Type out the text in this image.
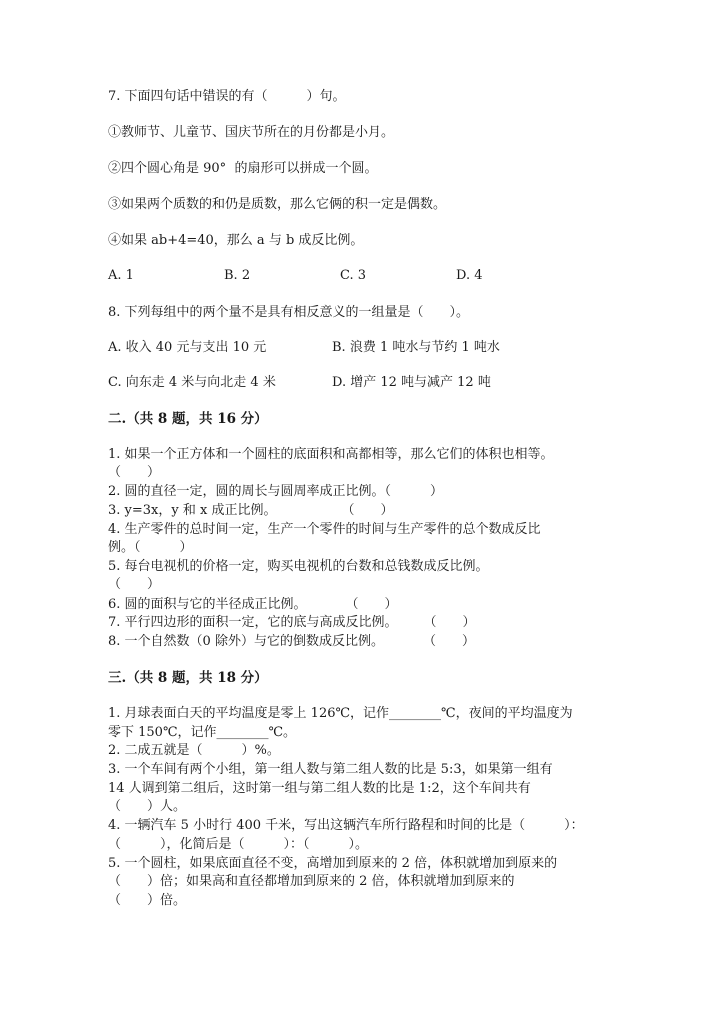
7. 下面四句话中错误的有（　　　）句。
①教师节、儿童节、国庆节所在的月份都是小月。
②四个圆心角是 90°  的扇形可以拼成一个圆。
③如果两个质数的和仍是质数，那么它俩的积一定是偶数。
④如果 ab+4=40，那么 a 与 b 成反比例。
A. 1	B. 2	C. 3	D. 4
8. 下列每组中的两个量不是具有相反意义的一组量是（　　）。
A. 收入 40 元与支出 10 元	B. 浪费 1 吨水与节约 1 吨水
C. 向东走 4 米与向北走 4 米	D. 增产 12 吨与减产 12 吨
二.（共 8 题，共 16 分）
1. 如果一个正方体和一个圆柱的底面积和高都相等，那么它们的体积也相等。
（　　）
2. 圆的直径一定，圆的周长与圆周率成正比例。（　　　）
3. y=3x，y 和 x 成正比例。　　　　　　（　　）
4. 生产零件的总时间一定，生产一个零件的时间与生产零件的总个数成反比
例。（　　　）
5. 每台电视机的价格一定，购买电视机的台数和总钱数成反比例。
（　　）
6. 圆的面积与它的半径成正比例。　　　　（　　）
7. 平行四边形的面积一定，它的底与高成反比例。　　　（　　）
8. 一个自然数（0 除外）与它的倒数成反比例。　　　　（　　）
三.（共 8 题，共 18 分）
1. 月球表面白天的平均温度是零上 126℃，记作________℃，夜间的平均温度为
零下 150℃，记作________℃。
2. 二成五就是（　　　）%。
3. 一个车间有两个小组，第一组人数与第二组人数的比是 5:3，如果第一组有
14 人调到第二组后，这时第一组与第二组人数的比是 1:2，这个车间共有
（　　）人。
4. 一辆汽车 5 小时行 400 千米，写出这辆汽车所行路程和时间的比是（　　　）：
（　　　），化简后是（　　　）：（　　　）。
5. 一个圆柱，如果底面直径不变，高增加到原来的 2 倍，体积就增加到原来的
（　　）倍；如果高和直径都增加到原来的 2 倍，体积就增加到原来的
（　　）倍。
